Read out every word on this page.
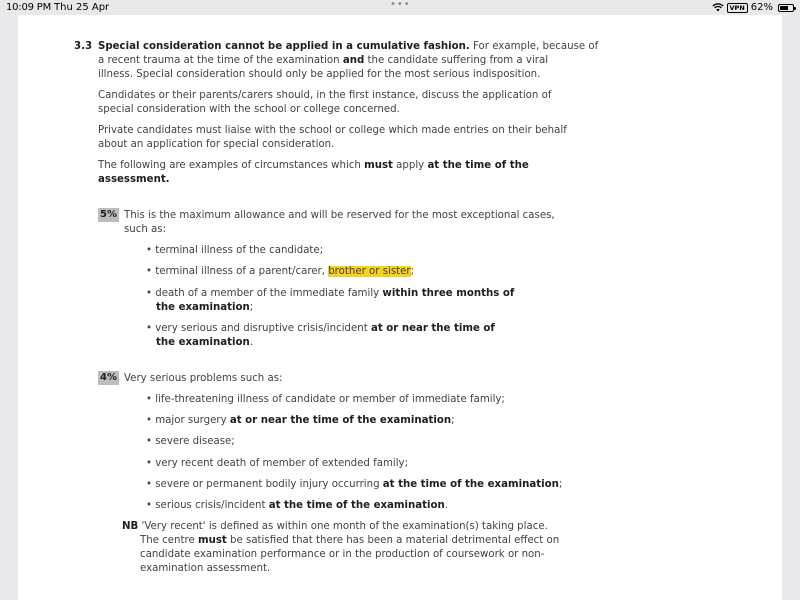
10:09 PM Thu 25 Apr	•••	VPN 62%
3.3 Special consideration cannot be applied in a cumulative fashion. For example, because of
a recent trauma at the time of the examination and the candidate suffering from a viral
illness. Special consideration should only be applied for the most serious indisposition.
Candidates or their parents/carers should, in the first instance, discuss the application of
special consideration with the school or college concerned.
Private candidates must liaise with the school or college which made entries on their behalf
about an application for special consideration.
The following are examples of circumstances which must apply at the time of the
assessment.
5% This is the maximum allowance and will be reserved for the most exceptional cases,
such as:
• terminal illness of the candidate;
• terminal illness of a parent/carer, brother or sister;
• death of a member of the immediate family within three months of
the examination;
• very serious and disruptive crisis/incident at or near the time of
the examination.
4% Very serious problems such as:
• life-threatening illness of candidate or member of immediate family;
• major surgery at or near the time of the examination;
• severe disease;
• very recent death of member of extended family;
• severe or permanent bodily injury occurring at the time of the examination;
• serious crisis/incident at the time of the examination.
NB 'Very recent' is defined as within one month of the examination(s) taking place.
The centre must be satisfied that there has been a material detrimental effect on
candidate examination performance or in the production of coursework or non-
examination assessment.
